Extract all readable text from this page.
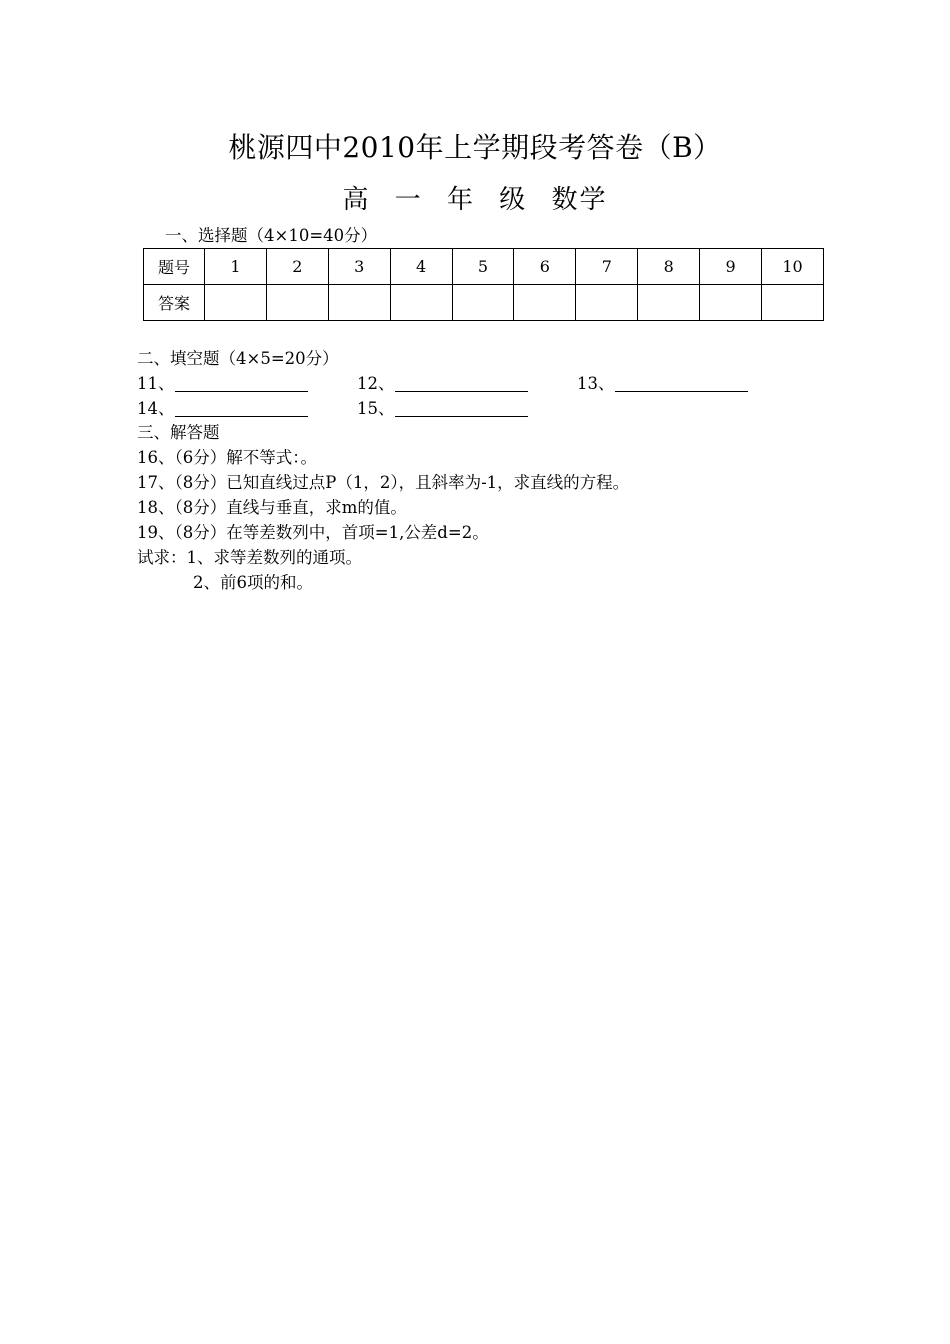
桃源四中2010年上学期段考答卷（B）
高 一 年 级 数学
一、选择题（4×10=40分）
题号	1	2	3	4	5	6	7	8	9	10
答案										
二、填空题（4×5=20分）
11、	12、	13、
14、	15、
三、解答题
16、（6分）解不等式：。
17、（8分）已知直线过点P（1，2），且斜率为-1，求直线的方程。
18、（8分）直线与垂直，求m的值。
19、（8分）在等差数列中，首项=1,公差d=2。
试求：1、求等差数列的通项。
2、前6项的和。
